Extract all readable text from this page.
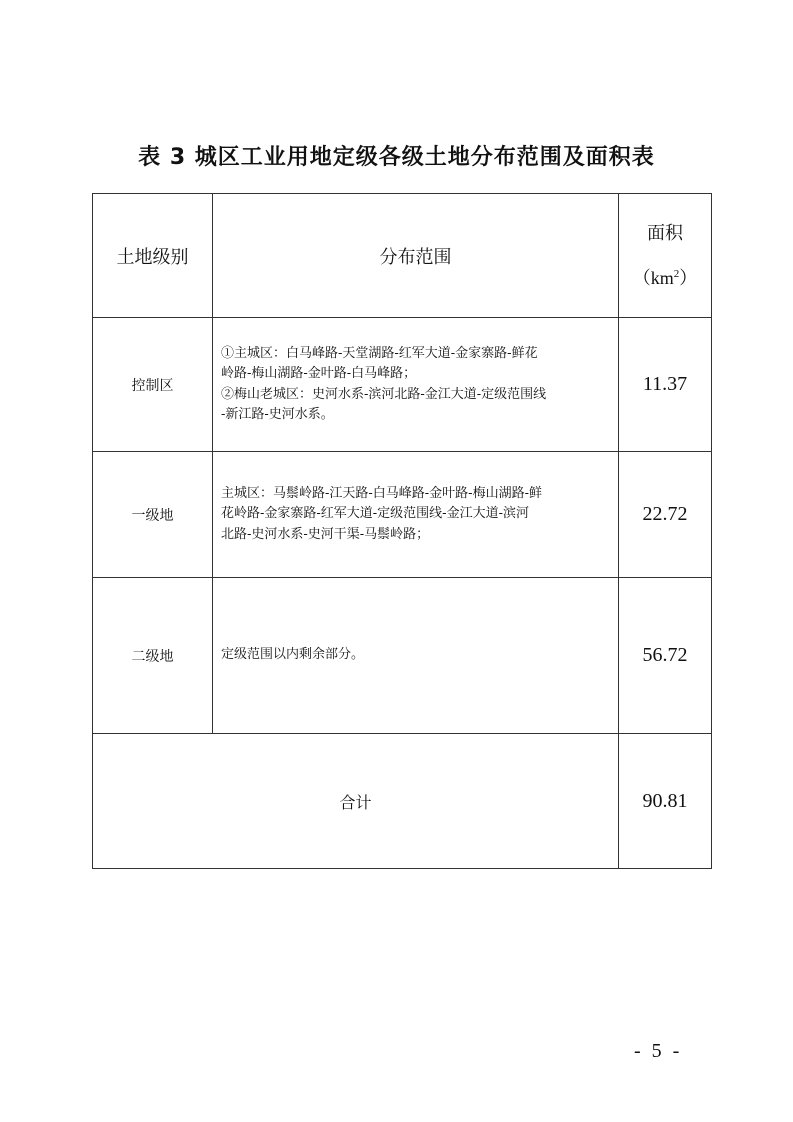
表 3 城区工业用地定级各级土地分布范围及面积表
土地级别	分布范围	面积
$(km^2)$

控制区	①主城区：白马峰路-天堂湖路-红军大道-金家寨路-鲜花
岭路-梅山湖路-金叶路-白马峰路；
②梅山老城区：史河水系-滨河北路-金江大道-定级范围线
-新江路-史河水系。	11.37
一级地	主城区：马鬃岭路-江天路-白马峰路-金叶路-梅山湖路-鲜
花岭路-金家寨路-红军大道-定级范围线-金江大道-滨河
北路-史河水系-史河干渠-马鬃岭路；	22.72
二级地	定级范围以内剩余部分。	56.72
合计		90.81
- 5 -
